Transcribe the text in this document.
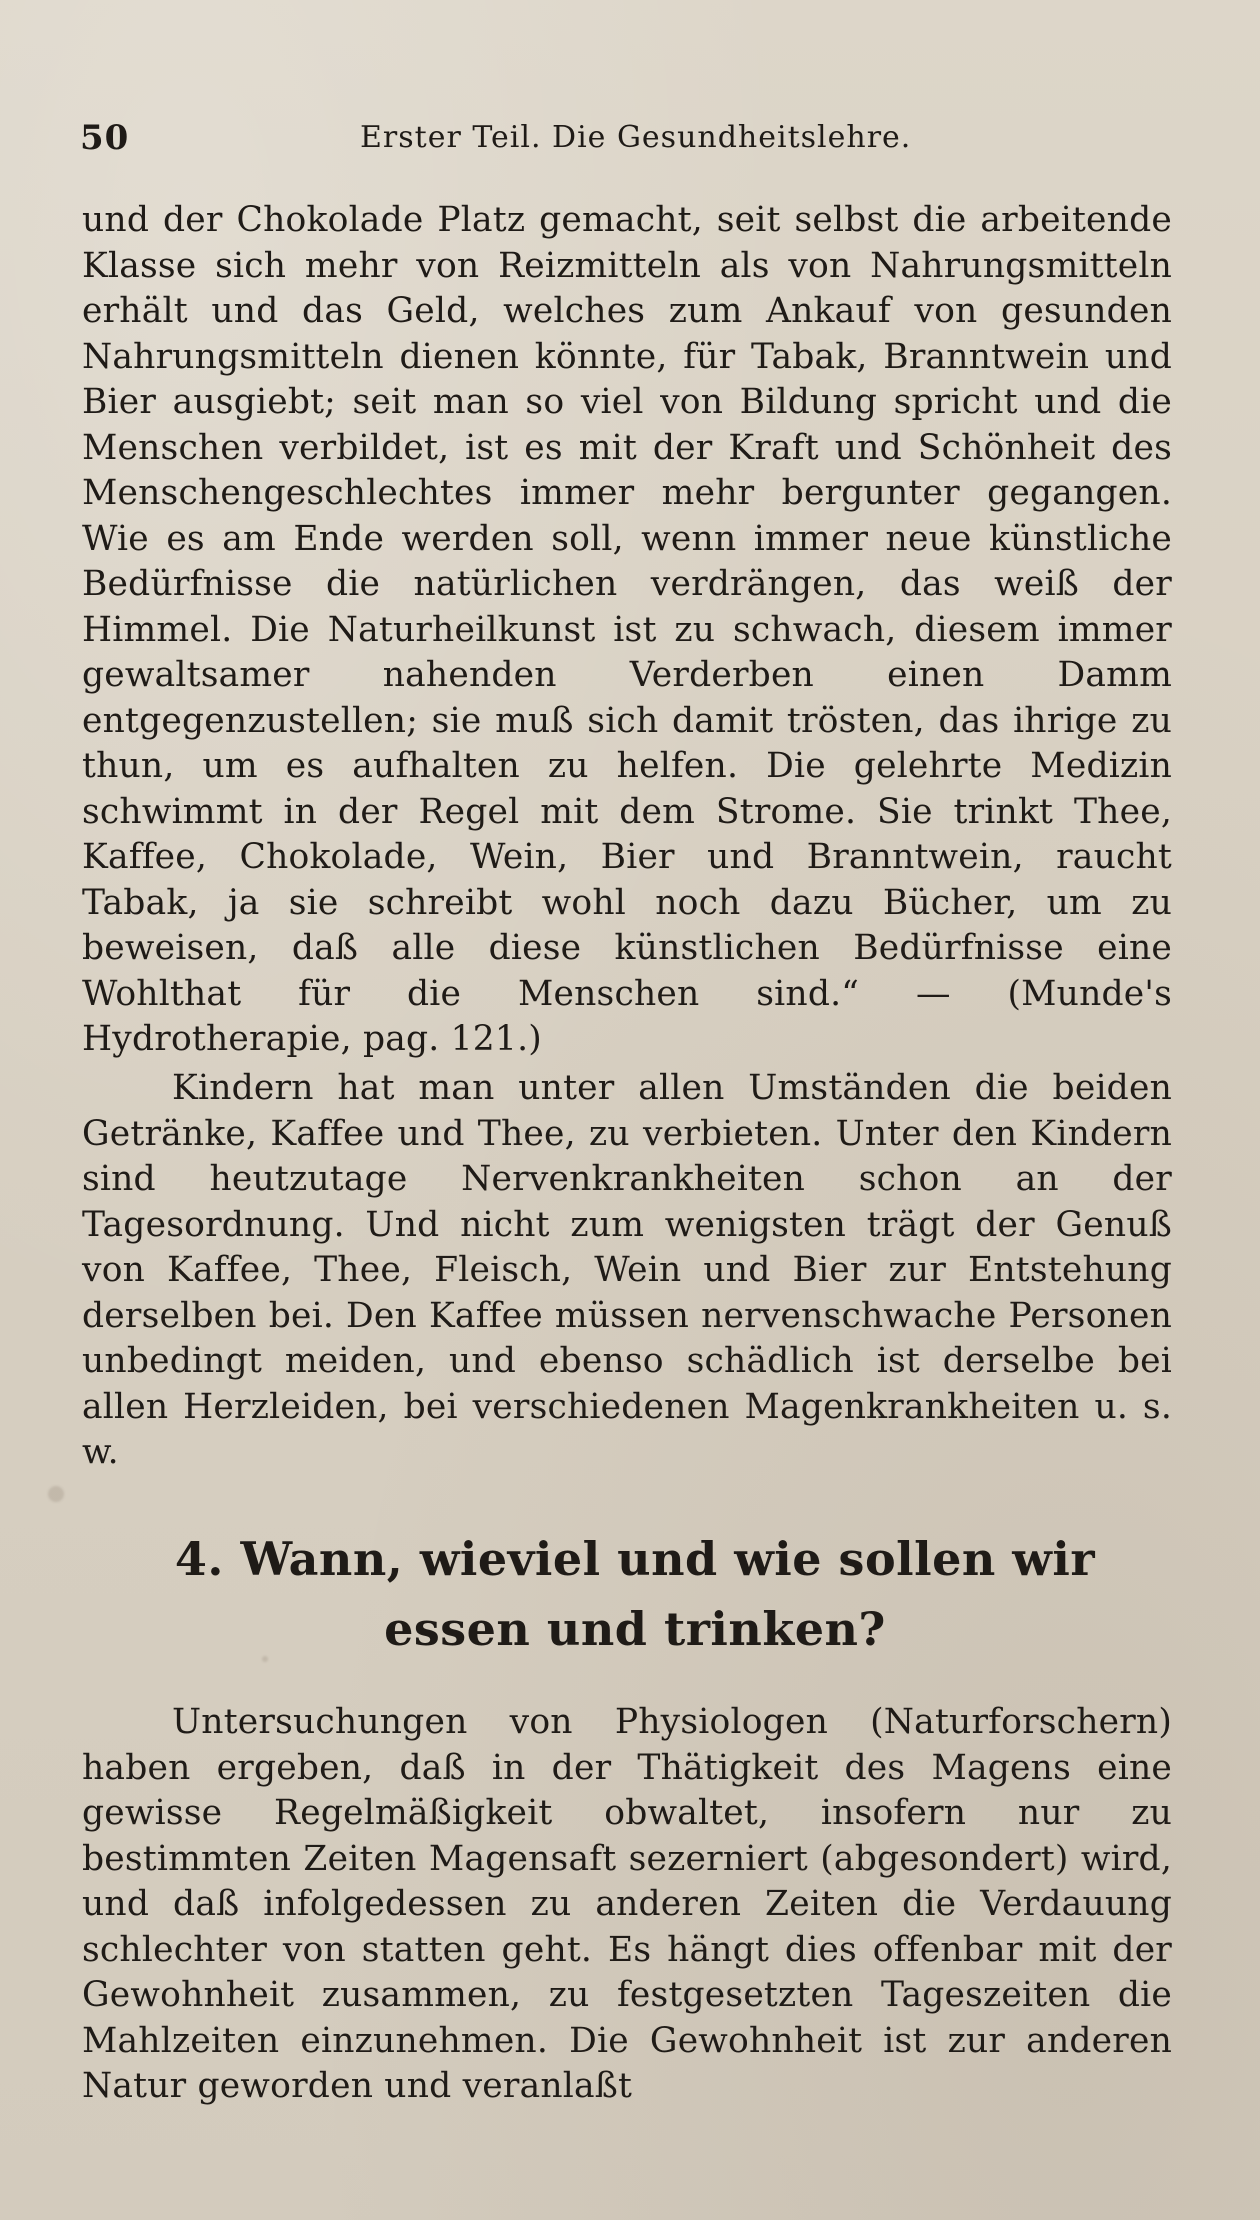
50	Erster Teil. Die Gesundheitslehre.

und der Chokolade Platz gemacht, seit selbst die arbeitende Klasse sich mehr von Reizmitteln als von Nahrungsmitteln erhält und das Geld, welches zum Ankauf von gesunden Nahrungsmitteln dienen könnte, für Tabak, Branntwein und Bier ausgiebt; seit man so viel von Bildung spricht und die Menschen verbildet, ist es mit der Kraft und Schönheit des Menschengeschlechtes immer mehr bergunter gegangen. Wie es am Ende werden soll, wenn immer neue künstliche Bedürfnisse die natürlichen verdrängen, das weiß der Himmel. Die Naturheilkunst ist zu schwach, diesem immer gewaltsamer nahenden Verderben einen Damm entgegenzustellen; sie muß sich damit trösten, das ihrige zu thun, um es aufhalten zu helfen. Die gelehrte Medizin schwimmt in der Regel mit dem Strome. Sie trinkt Thee, Kaffee, Chokolade, Wein, Bier und Branntwein, raucht Tabak, ja sie schreibt wohl noch dazu Bücher, um zu beweisen, daß alle diese künstlichen Bedürfnisse eine Wohlthat für die Menschen sind.“ — (Munde's Hydrotherapie, pag. 121.)

Kindern hat man unter allen Umständen die beiden Getränke, Kaffee und Thee, zu verbieten. Unter den Kindern sind heutzutage Nervenkrankheiten schon an der Tagesordnung. Und nicht zum wenigsten trägt der Genuß von Kaffee, Thee, Fleisch, Wein und Bier zur Entstehung derselben bei. Den Kaffee müssen nervenschwache Personen unbedingt meiden, und ebenso schädlich ist derselbe bei allen Herzleiden, bei verschiedenen Magenkrankheiten u. s. w.

4. Wann, wieviel und wie sollen wir essen und trinken?

Untersuchungen von Physiologen (Naturforschern) haben ergeben, daß in der Thätigkeit des Magens eine gewisse Regelmäßigkeit obwaltet, insofern nur zu bestimmten Zeiten Magensaft sezerniert (abgesondert) wird, und daß infolgedessen zu anderen Zeiten die Verdauung schlechter von statten geht. Es hängt dies offenbar mit der Gewohnheit zusammen, zu festgesetzten Tageszeiten die Mahlzeiten einzunehmen. Die Gewohnheit ist zur anderen Natur geworden und veranlaßt
